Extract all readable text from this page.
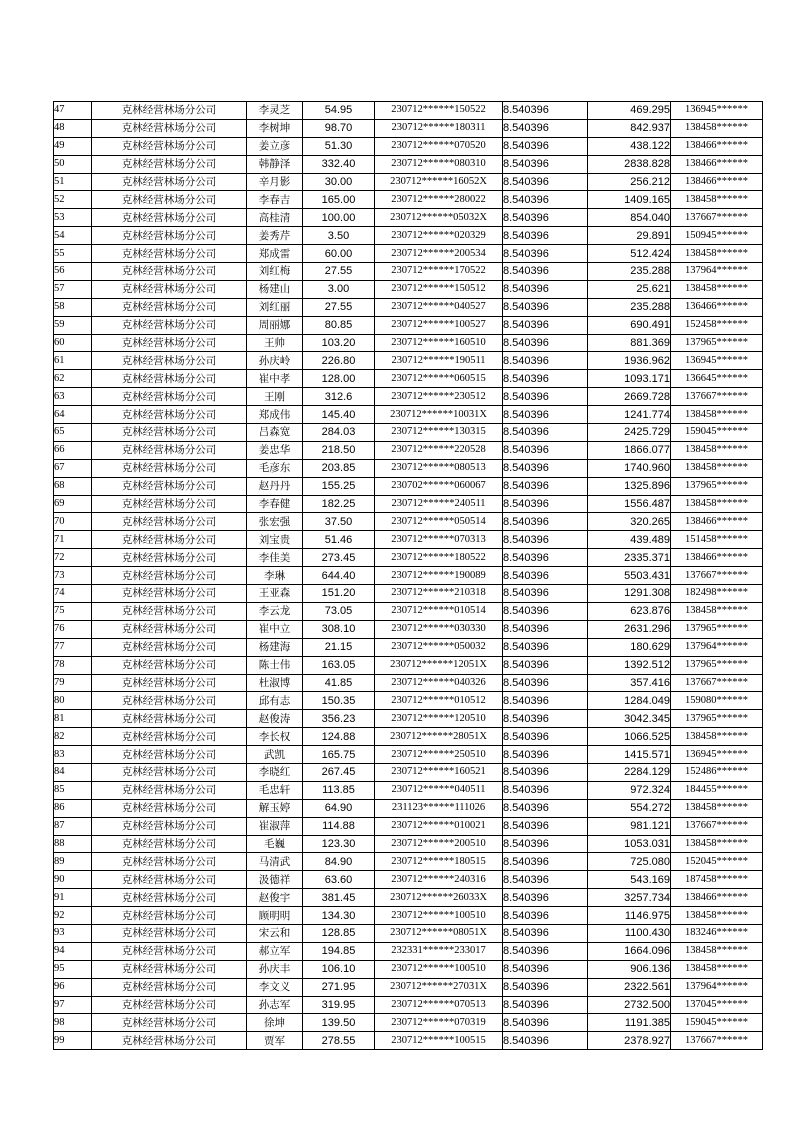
47	克林经营林场分公司	李灵芝	54.95	230712******150522	8.540396	469.295	136945******
48	克林经营林场分公司	李树坤	98.70	230712******180311	8.540396	842.937	138458******
49	克林经营林场分公司	姜立彦	51.30	230712******070520	8.540396	438.122	138466******
50	克林经营林场分公司	韩静泽	332.40	230712******080310	8.540396	2838.828	138466******
51	克林经营林场分公司	辛月影	30.00	230712******16052X	8.540396	256.212	138466******
52	克林经营林场分公司	李春吉	165.00	230712******280022	8.540396	1409.165	138458******
53	克林经营林场分公司	高桂清	100.00	230712******05032X	8.540396	854.040	137667******
54	克林经营林场分公司	姜秀芹	3.50	230712******020329	8.540396	29.891	150945******
55	克林经营林场分公司	郑成雷	60.00	230712******200534	8.540396	512.424	138458******
56	克林经营林场分公司	刘红梅	27.55	230712******170522	8.540396	235.288	137964******
57	克林经营林场分公司	杨建山	3.00	230712******150512	8.540396	25.621	138458******
58	克林经营林场分公司	刘红丽	27.55	230712******040527	8.540396	235.288	136466******
59	克林经营林场分公司	周丽娜	80.85	230712******100527	8.540396	690.491	152458******
60	克林经营林场分公司	王帅	103.20	230712******160510	8.540396	881.369	137965******
61	克林经营林场分公司	孙庆岭	226.80	230712******190511	8.540396	1936.962	136945******
62	克林经营林场分公司	崔中孝	128.00	230712******060515	8.540396	1093.171	136645******
63	克林经营林场分公司	王刚	312.6	230712******230512	8.540396	2669.728	137667******
64	克林经营林场分公司	郑成伟	145.40	230712******10031X	8.540396	1241.774	138458******
65	克林经营林场分公司	吕森宽	284.03	230712******130315	8.540396	2425.729	159045******
66	克林经营林场分公司	姜忠华	218.50	230712******220528	8.540396	1866.077	138458******
67	克林经营林场分公司	毛彦东	203.85	230712******080513	8.540396	1740.960	138458******
68	克林经营林场分公司	赵丹丹	155.25	230702******060067	8.540396	1325.896	137965******
69	克林经营林场分公司	李春健	182.25	230712******240511	8.540396	1556.487	138458******
70	克林经营林场分公司	张宏强	37.50	230712******050514	8.540396	320.265	138466******
71	克林经营林场分公司	刘宝贵	51.46	230712******070313	8.540396	439.489	151458******
72	克林经营林场分公司	李佳美	273.45	230712******180522	8.540396	2335.371	138466******
73	克林经营林场分公司	李琳	644.40	230712******190089	8.540396	5503.431	137667******
74	克林经营林场分公司	王亚森	151.20	230712******210318	8.540396	1291.308	182498******
75	克林经营林场分公司	李云龙	73.05	230712******010514	8.540396	623.876	138458******
76	克林经营林场分公司	崔中立	308.10	230712******030330	8.540396	2631.296	137965******
77	克林经营林场分公司	杨建海	21.15	230712******050032	8.540396	180.629	137964******
78	克林经营林场分公司	陈士伟	163.05	230712******12051X	8.540396	1392.512	137965******
79	克林经营林场分公司	杜淑博	41.85	230712******040326	8.540396	357.416	137667******
80	克林经营林场分公司	邱有志	150.35	230712******010512	8.540396	1284.049	159080******
81	克林经营林场分公司	赵俊涛	356.23	230712******120510	8.540396	3042.345	137965******
82	克林经营林场分公司	李长权	124.88	230712******28051X	8.540396	1066.525	138458******
83	克林经营林场分公司	武凯	165.75	230712******250510	8.540396	1415.571	136945******
84	克林经营林场分公司	李晓红	267.45	230712******160521	8.540396	2284.129	152486******
85	克林经营林场分公司	毛忠轩	113.85	230712******040511	8.540396	972.324	184455******
86	克林经营林场分公司	解玉婷	64.90	231123******111026	8.540396	554.272	138458******
87	克林经营林场分公司	崔淑萍	114.88	230712******010021	8.540396	981.121	137667******
88	克林经营林场分公司	毛巍	123.30	230712******200510	8.540396	1053.031	138458******
89	克林经营林场分公司	马清武	84.90	230712******180515	8.540396	725.080	152045******
90	克林经营林场分公司	汲德祥	63.60	230712******240316	8.540396	543.169	187458******
91	克林经营林场分公司	赵俊宇	381.45	230712******26033X	8.540396	3257.734	138466******
92	克林经营林场分公司	顾明明	134.30	230712******100510	8.540396	1146.975	138458******
93	克林经营林场分公司	宋云和	128.85	230712******08051X	8.540396	1100.430	183246******
94	克林经营林场分公司	郝立军	194.85	232331******233017	8.540396	1664.096	138458******
95	克林经营林场分公司	孙庆丰	106.10	230712******100510	8.540396	906.136	138458******
96	克林经营林场分公司	李文义	271.95	230712******27031X	8.540396	2322.561	137964******
97	克林经营林场分公司	孙志军	319.95	230712******070513	8.540396	2732.500	137045******
98	克林经营林场分公司	徐坤	139.50	230712******070319	8.540396	1191.385	159045******
99	克林经营林场分公司	贾军	278.55	230712******100515	8.540396	2378.927	137667******
